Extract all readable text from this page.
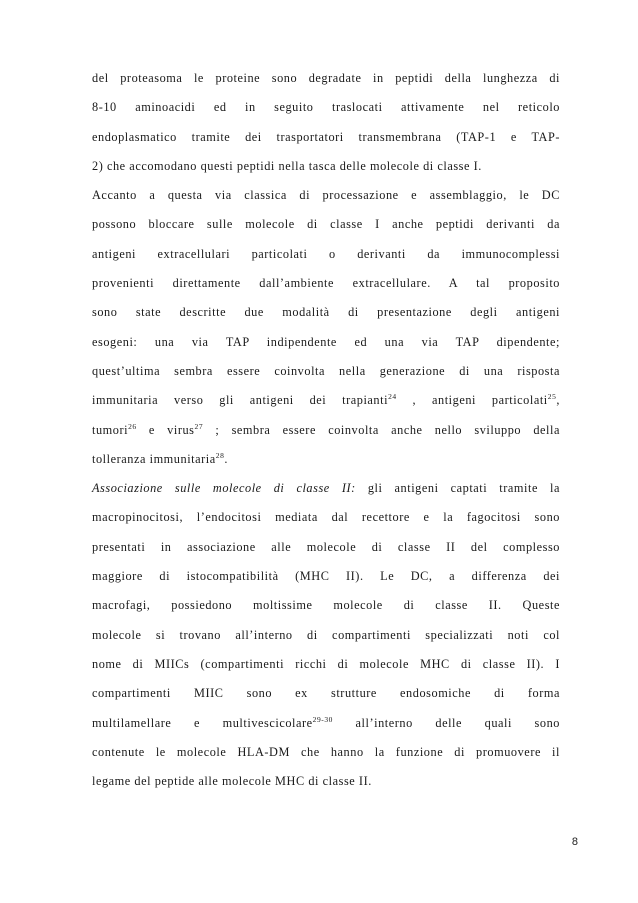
del proteasoma le proteine sono degradate in peptidi della lunghezza di
8-10 aminoacidi ed in seguito traslocati attivamente nel reticolo
endoplasmatico tramite dei trasportatori transmembrana (TAP-1 e TAP-
2) che accomodano questi peptidi nella tasca delle molecole di classe I.
Accanto a questa via classica di processazione e assemblaggio, le DC
possono bloccare sulle molecole di classe I anche peptidi derivanti da
antigeni extracellulari particolati o derivanti da immunocomplessi
provenienti direttamente dall’ambiente extracellulare. A tal proposito
sono state descritte due modalità di presentazione degli antigeni
esogeni: una via TAP indipendente ed una via TAP dipendente;
quest’ultima sembra essere coinvolta nella generazione di una risposta
immunitaria verso gli antigeni dei trapianti$^{24}$ , antigeni particolati$^{25}$,
tumori$^{26}$ e virus$^{27}$ ; sembra essere coinvolta anche nello sviluppo della
tolleranza immunitaria$^{28}$.
Associazione sulle molecole di classe II: gli antigeni captati tramite la
macropinocitosi, l’endocitosi mediata dal recettore e la fagocitosi sono
presentati in associazione alle molecole di classe II del complesso
maggiore di istocompatibilità (MHC II). Le DC, a differenza dei
macrofagi, possiedono moltissime molecole di classe II. Queste
molecole si trovano all’interno di compartimenti specializzati noti col
nome di MIICs (compartimenti ricchi di molecole MHC di classe II). I
compartimenti MIIC sono ex strutture endosomiche di forma
multilamellare e multivescicolare$^{29-30}$ all’interno delle quali sono
contenute le molecole HLA-DM che hanno la funzione di promuovere il
legame del peptide alle molecole MHC di classe II.
8
